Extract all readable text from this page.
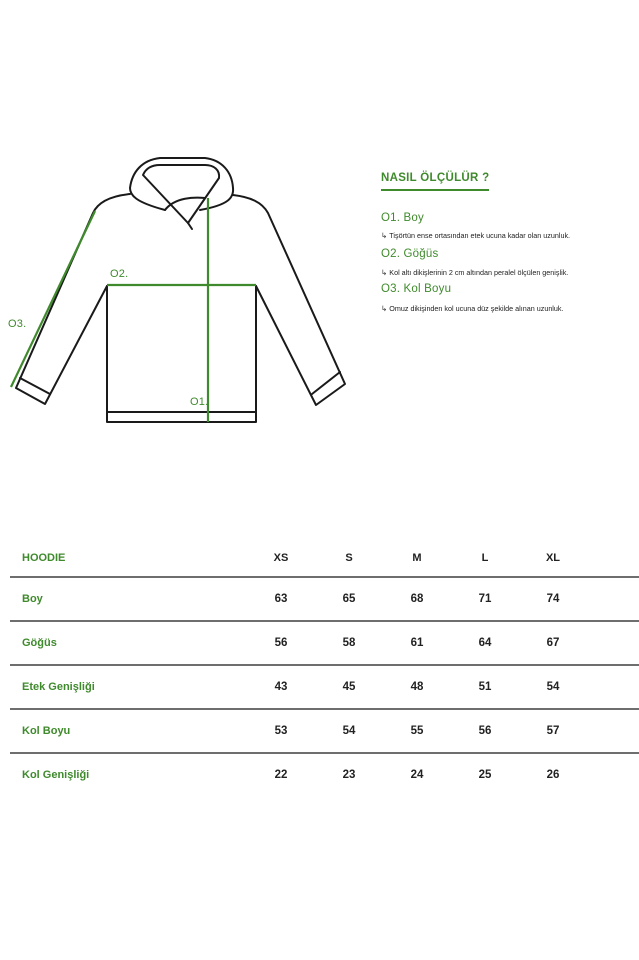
O2.
O1.
O3.
NASIL ÖLÇÜLÜR ?
O1. Boy

↳ Tişörtün ense ortasından etek ucuna kadar olan uzunluk.

O2. Göğüs

↳ Kol altı dikişlerinin 2 cm altından peralel ölçülen genişlik.

O3. Kol Boyu

↳ Omuz dikişinden kol ucuna düz şekilde alınan uzunluk.

HOODIE	XS	S	M	L	XL	
Boy	63	65	68	71	74	
Göğüs	56	58	61	64	67	
Etek Genişliği	43	45	48	51	54	
Kol Boyu	53	54	55	56	57	
Kol Genişliği	22	23	24	25	26	
